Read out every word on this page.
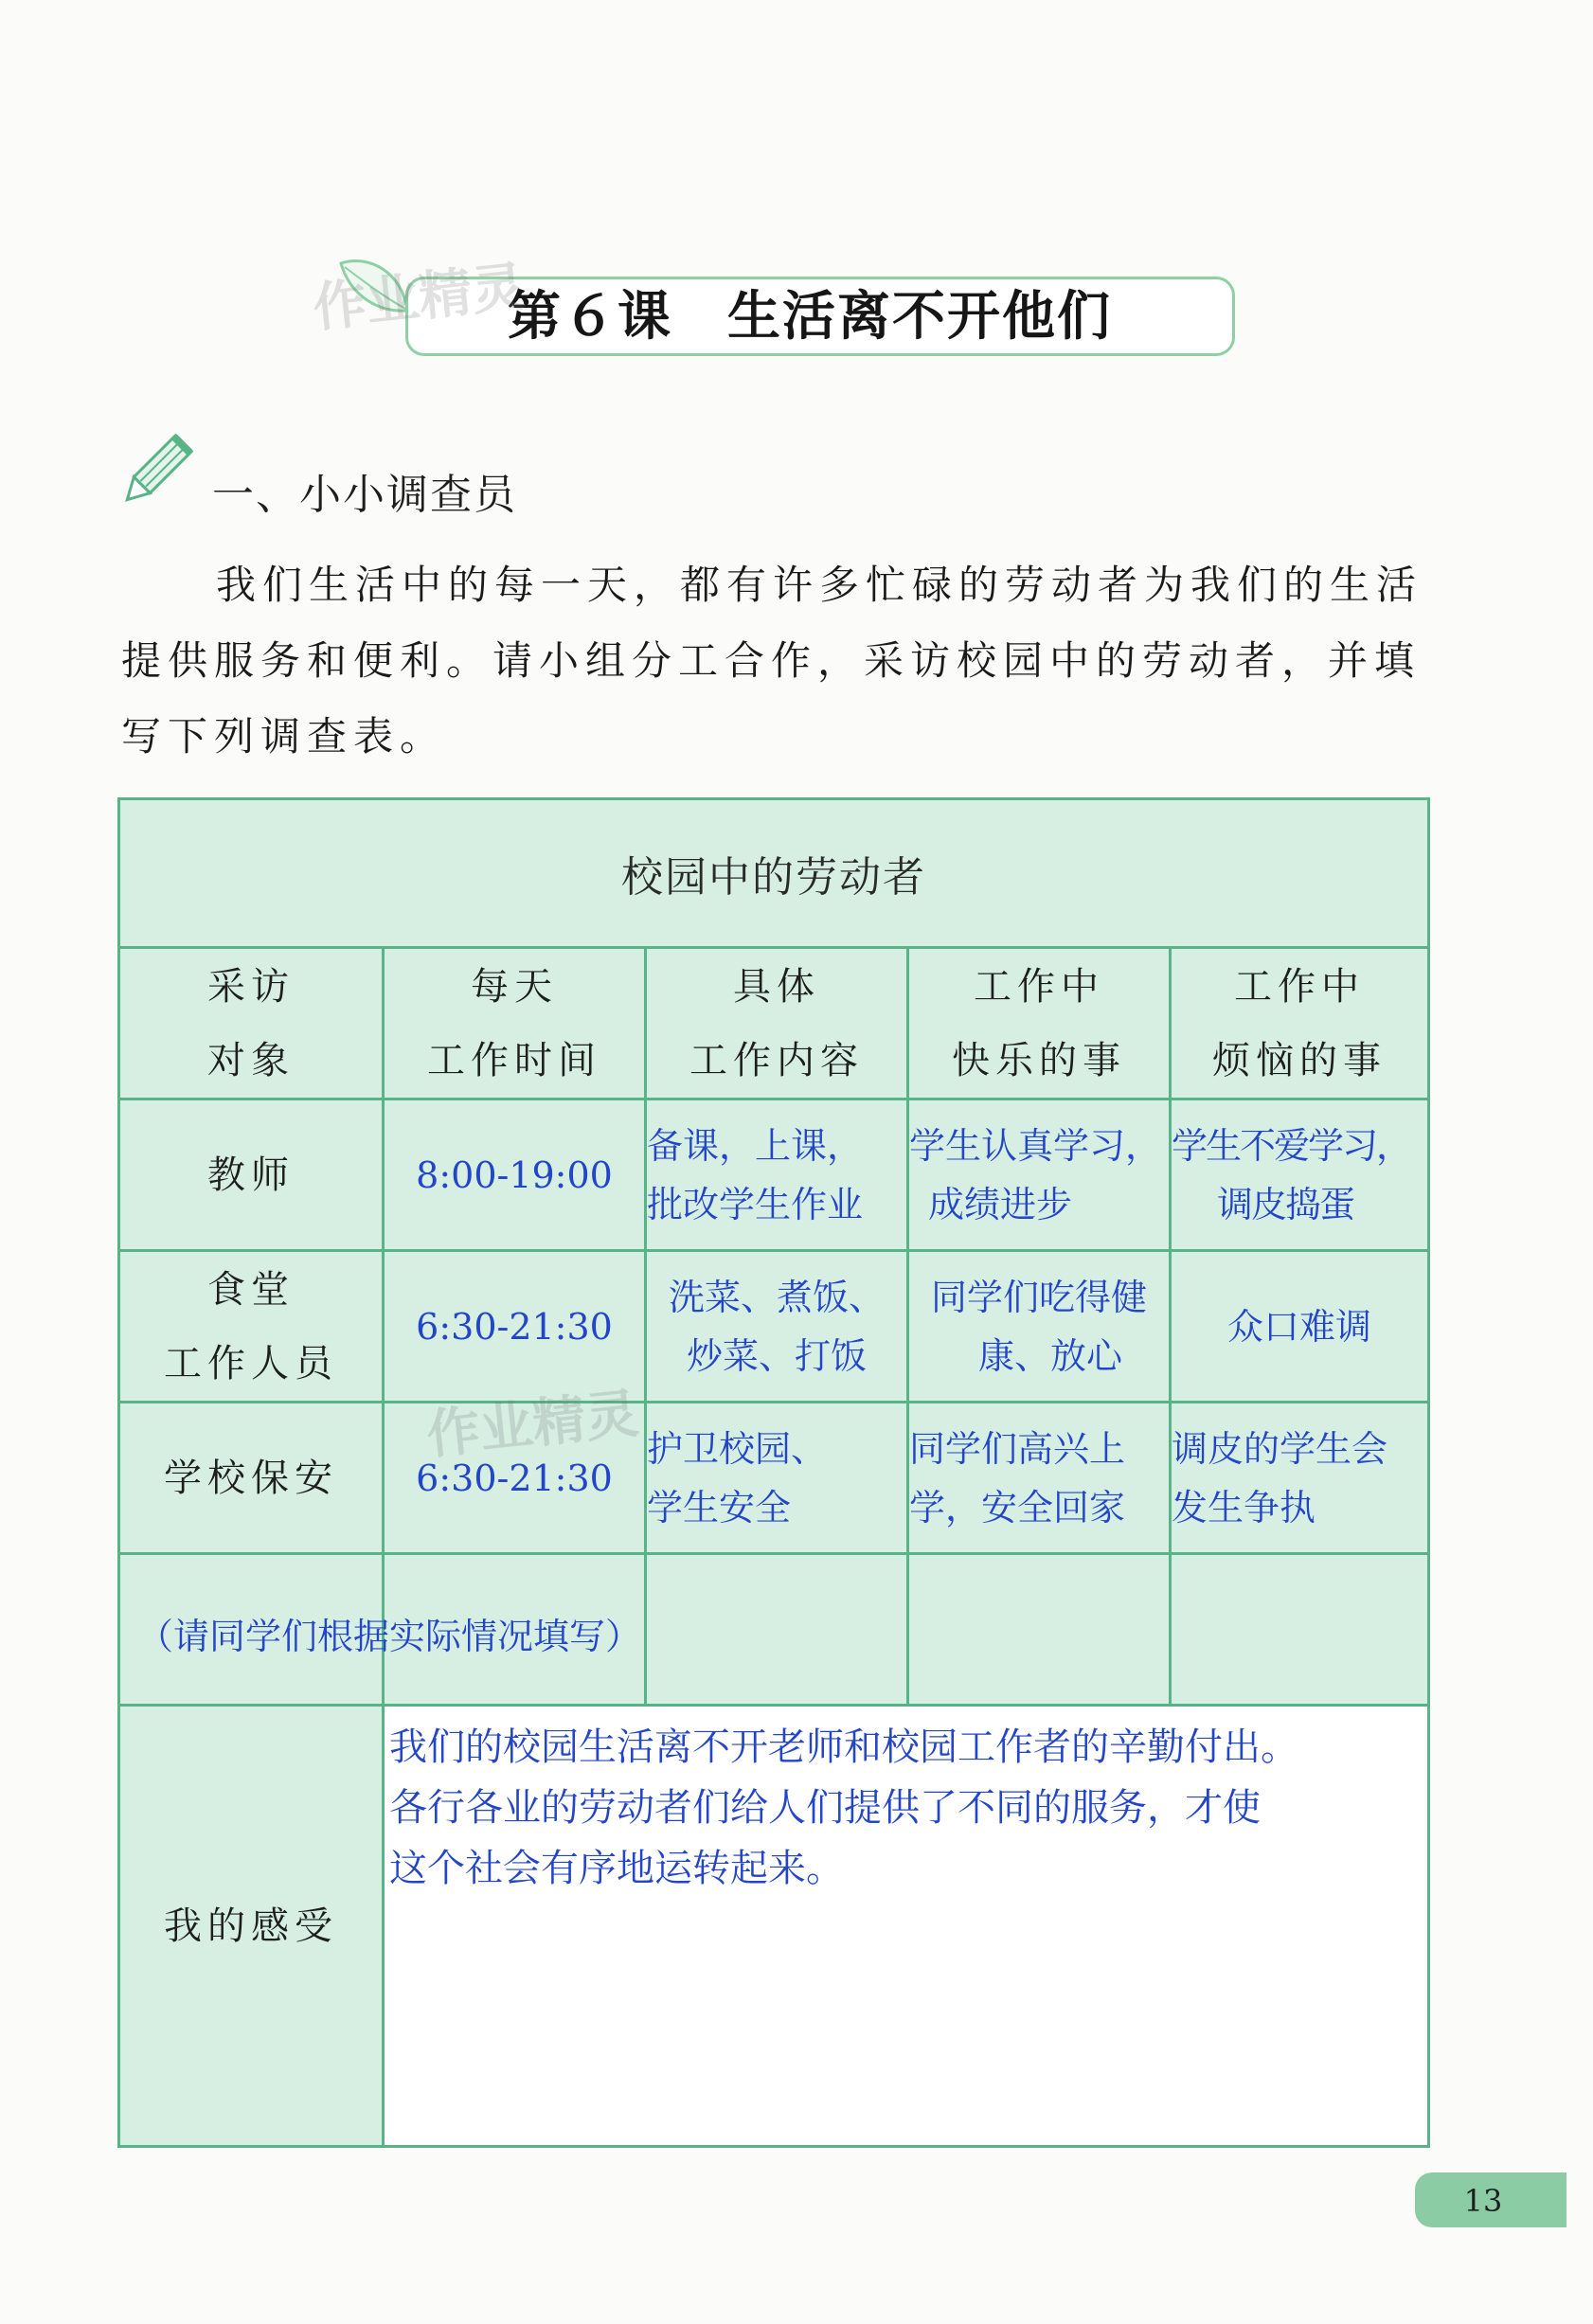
第６课　生活离不开他们
作业精灵
一、小小调查员
我们生活中的每一天，都有许多忙碌的劳动者为我们的生活提供服务和便利。请小组分工合作，采访校园中的劳动者，并填写下列调查表。
校园中的劳动者
采访
对象
每天
工作时间
具体
工作内容
工作中
快乐的事
工作中
烦恼的事
教师	8:00-19:00
备课，上课，
批改学生作业
学生认真学习，
成绩进步
学生不爱学习，
调皮捣蛋
食堂
工作人员
6:30-21:30
洗菜、煮饭、
炒菜、打饭
同学们吃得健
康、放心
众口难调
学校保安	6:30-21:30
护卫校园、
学生安全
同学们高兴上
学，安全回家
调皮的学生会
发生争执
（请同学们根据实际情况填写）
我的感受
我们的校园生活离不开老师和校园工作者的辛勤付出。
各行各业的劳动者们给人们提供了不同的服务，才使
这个社会有序地运转起来。
作业精灵
13
